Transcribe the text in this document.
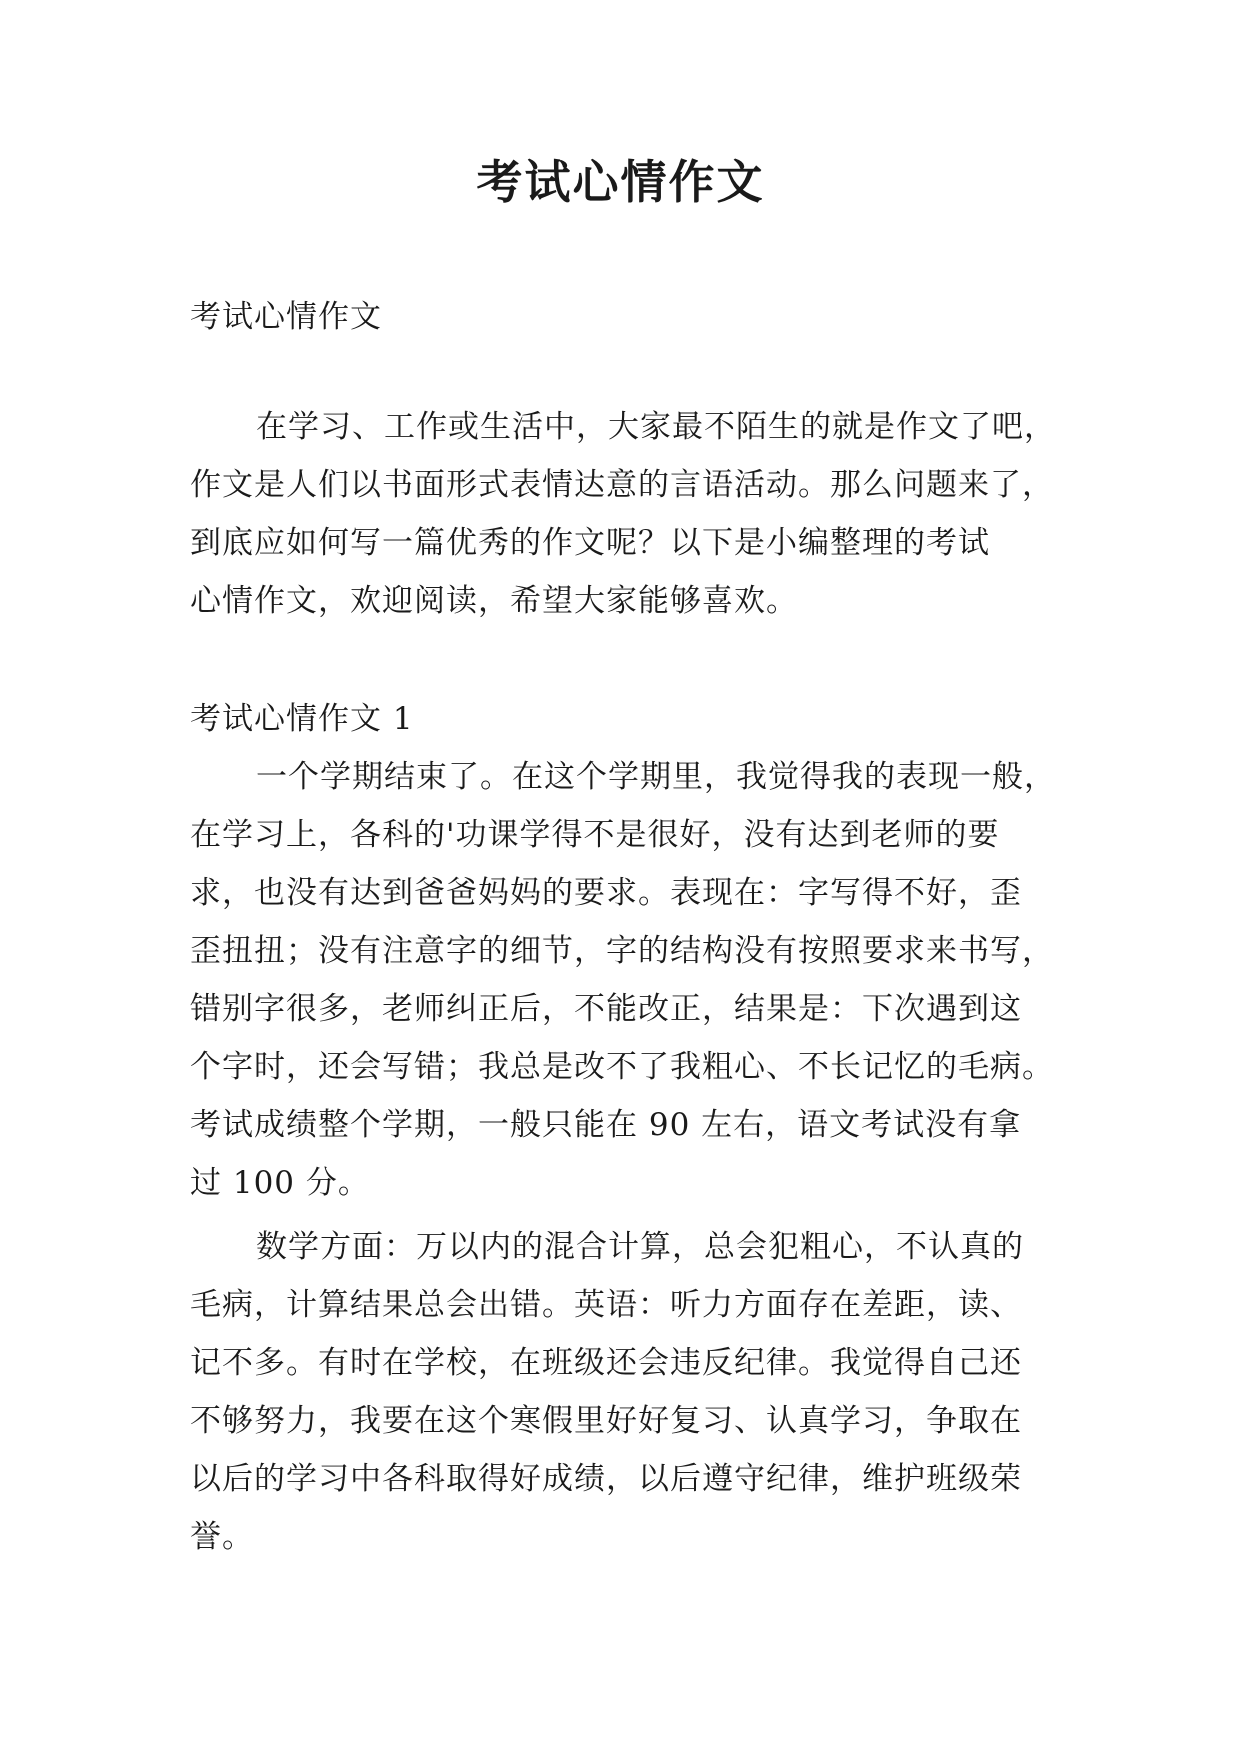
考试心情作文

考试心情作文

在学习、工作或生活中，大家最不陌生的就是作文了吧，
作文是人们以书面形式表情达意的言语活动。那么问题来了，
到底应如何写一篇优秀的作文呢？以下是小编整理的考试
心情作文，欢迎阅读，希望大家能够喜欢。

考试心情作文 1

一个学期结束了。在这个学期里，我觉得我的表现一般，
在学习上，各科的'功课学得不是很好，没有达到老师的要
求，也没有达到爸爸妈妈的要求。表现在：字写得不好，歪
歪扭扭；没有注意字的细节，字的结构没有按照要求来书写，
错别字很多，老师纠正后，不能改正，结果是：下次遇到这
个字时，还会写错；我总是改不了我粗心、不长记忆的毛病。
考试成绩整个学期，一般只能在 90 左右，语文考试没有拿
过 100 分。
数学方面：万以内的混合计算，总会犯粗心，不认真的
毛病，计算结果总会出错。英语：听力方面存在差距，读、
记不多。有时在学校，在班级还会违反纪律。我觉得自己还
不够努力，我要在这个寒假里好好复习、认真学习，争取在
以后的学习中各科取得好成绩，以后遵守纪律，维护班级荣
誉。
